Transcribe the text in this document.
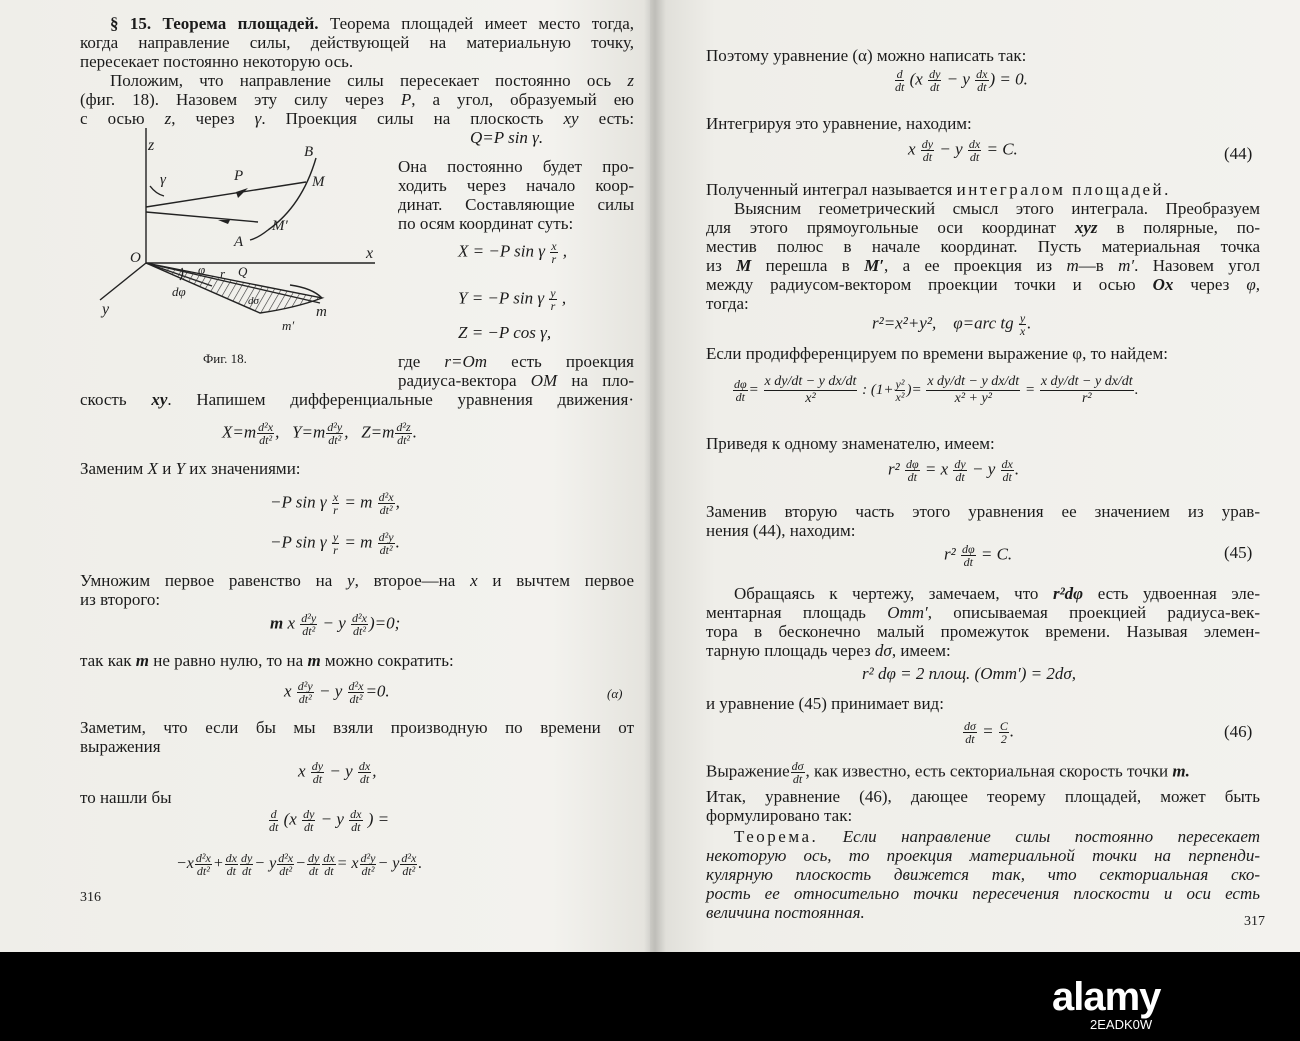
§ 15. Теорема площадей. Теорема площадей имеет место тогда,
когда направление силы, действующей на материальную точку,
пересекает постоянно некоторую ось.
Положим, что направление силы пересекает постоянно ось z
(фиг. 18). Назовем эту силу через P, а угол, образуемый ею
с осью z, через γ. Проекция силы на плоскость xy есть:
Q=P sin γ.
Она постоянно будет про-
ходить через начало коор-
динат. Составляющие силы
по осям координат суть:
X = −P sin γ $\frac{x}{r}$ ,
Y = −P sin γ $\frac{y}{r}$ ,
Z = −P cos γ,
где r=Om есть проекция
радиуса-вектора OM на пло-
z
γ	P
B
M
M′
A
O	x
y
φ r Q
dφ
dσ
m
m′
Фиг. 18.
скость xy. Напишем дифференциальные уравнения движения·
$X=m \frac{\text{d²x}}{\text{dt²}}$ ,   $Y=m \frac{\text{d²y}}{\text{dt²}}$ ,   $Z=m \frac{\text{d²z}}{\text{dt²}}$ .
Заменим X и Y их значениями:
−P sin γ $\frac{x}{r} = m \frac{\text{d²x}}{\text{dt²}}$ ,
−P sin γ $\frac{y}{r} = m \frac{\text{d²y}}{\text{dt²}}$ .
Умножим первое равенство на y, второе—на x и вычтем первое
из второго:
m x $\frac{\text{d²y}}{\text{dt²}} - y \frac{\text{d²x}}{\text{dt²}} )=0$;
так как m не равно нулю, то на m можно сократить:
x $\frac{\text{d²y}}{\text{dt²}} - y \frac{\text{d²x}}{\text{dt²}} =0$.	(α)
Заметим, что если бы мы взяли производную по времени от
выражения
x $\frac{dy}{dt} - y \frac{dx}{dt}$ ,
то нашли бы
$\frac{d}{dt} (x \frac{dy}{dt} - y \frac{dx}{dt}$ ) =
$-x \frac{\text{d²x}}{\text{dt²}} + \frac{dx}{dt} \frac{dy}{dt} - y \frac{\text{d²x}}{\text{dt²}} - \frac{dy}{dt} \frac{dx}{dt} = x \frac{\text{d²y}}{\text{dt²}} - y \frac{\text{d²x}}{\text{dt²}}$ .
316
Поэтому уравнение (α) можно написать так:
$\frac{d}{dt} (x \frac{dy}{dt} - y \frac{dx}{dt}$ ) = 0.
Интегрируя это уравнение, находим:
x $\frac{dy}{dt} - y \frac{dx}{dt} = C$.	(44)
Полученный интеграл называется интегралом площадей.
Выясним геометрический смысл этого интеграла. Преобразуем
для этого прямоугольные оси координат xyz в полярные, по-
местив полюс в начале координат. Пусть материальная точка
из M перешла в M′, а ее проекция из m—в m′. Назовем угол
между радиусом-вектором проекции точки и осью Ox через φ,
тогда:
r²=x²+y², φ=arc tg $\frac{y}{x}$ .
Если продифференцируем по времени выражение φ, то найдем:
$\frac{d\varphi}{dt} = \frac{\text{x dy/dt − y dx/dt}}{\text{x²}}$ : ($1+ \frac{\text{y²}}{\text{x²}}$ )= $\frac{\text{x dy/dt − y dx/dt}}{\text{x² + y²}} = \frac{\text{x dy/dt − y dx/dt}}{\text{r²}}$ .
Приведя к одному знаменателю, имеем:
$r^2 \frac{d\varphi}{dt} = x \frac{dy}{dt} - y \frac{dx}{dt}$ .
Заменив вторую часть этого уравнения ее значением из урав-
нения (44), находим:
$r^2 \frac{d\varphi}{dt} = C$.	(45)
Обращаясь к чертежу, замечаем, что r²dφ есть удвоенная эле-
ментарная площадь Omm′, описываемая проекцией радиуса-век-
тора в бесконечно малый промежуток времени. Называя элемен-
тарную площадь через dσ, имеем:
r² dφ = 2 площ. (Omm′) = 2dσ,
и уравнение (45) принимает вид:
$\frac{d\sigma}{dt} = \frac{C}{2}$ .	(46)
Выражение $\frac{d\sigma}{dt}$ , как известно, есть секториальная скорость точки m.
Итак, уравнение (46), дающее теорему площадей, может быть
формулировано так:
Теорема. Если направление силы постоянно пересекает
некоторую ось, то проекция материальной точки на перпенди-
кулярную плоскость движется так, что секториальная ско-
рость ее относительно точки пересечения плоскости и оси есть
величина постоянная.	317
alamy
2EADK0W
